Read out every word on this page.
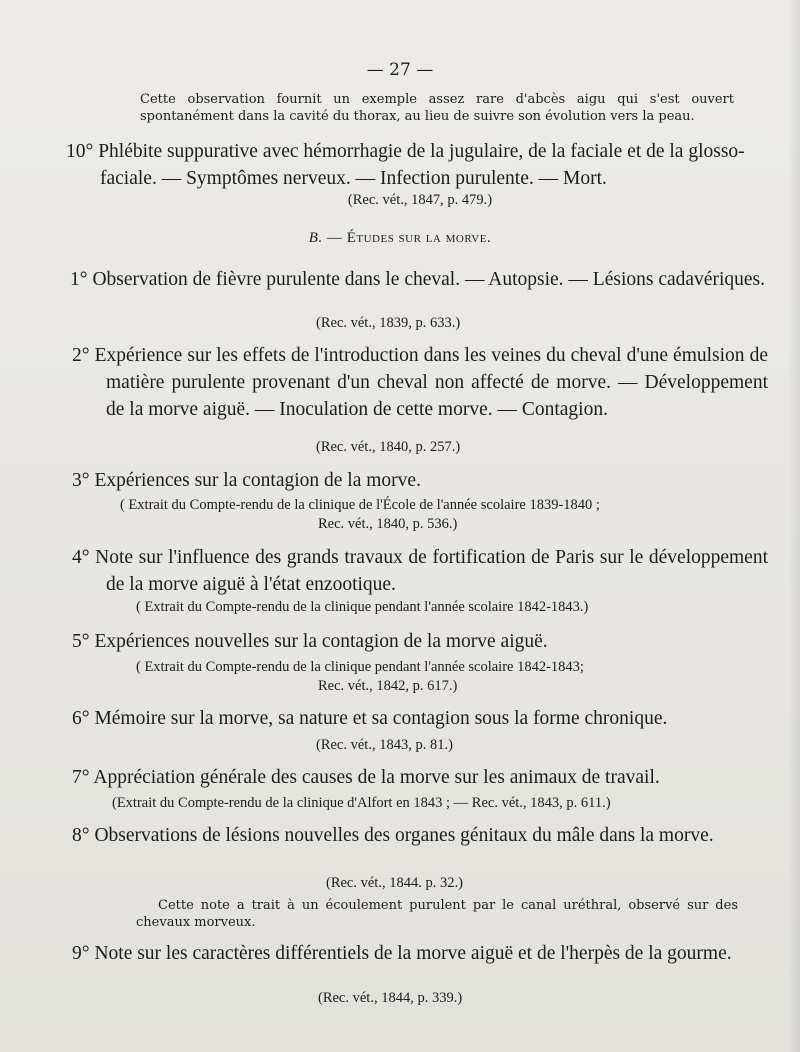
— 27 —
Cette observation fournit un exemple assez rare d'abcès aigu qui s'est ouvert spontanément dans la cavité du thorax, au lieu de suivre son évolution vers la peau.
10° Phlébite suppurative avec hémorrhagie de la jugulaire, de la faciale et de la glosso-faciale. — Symptômes nerveux. — Infection purulente. — Mort.
(Rec. vét., 1847, p. 479.)
B. — Études sur la morve.
1° Observation de fièvre purulente dans le cheval. — Autopsie. — Lésions cadavériques.
(Rec. vét., 1839, p. 633.)
2° Expérience sur les effets de l'introduction dans les veines du cheval d'une émulsion de matière purulente provenant d'un cheval non affecté de morve. — Développement de la morve aiguë. — Inoculation de cette morve. — Contagion.
(Rec. vét., 1840, p. 257.)
3° Expériences sur la contagion de la morve.
( Extrait du Compte-rendu de la clinique de l'École de l'année scolaire 1839-1840 ;
Rec. vét., 1840, p. 536.)
4° Note sur l'influence des grands travaux de fortification de Paris sur le développement de la morve aiguë à l'état enzootique.
( Extrait du Compte-rendu de la clinique pendant l'année scolaire 1842-1843.)
5° Expériences nouvelles sur la contagion de la morve aiguë.
( Extrait du Compte-rendu de la clinique pendant l'année scolaire 1842-1843;
Rec. vét., 1842, p. 617.)
6° Mémoire sur la morve, sa nature et sa contagion sous la forme chronique.
(Rec. vét., 1843, p. 81.)
7° Appréciation générale des causes de la morve sur les animaux de travail.
(Extrait du Compte-rendu de la clinique d'Alfort en 1843 ; — Rec. vét., 1843, p. 611.)
8° Observations de lésions nouvelles des organes génitaux du mâle dans la morve.
(Rec. vét., 1844. p. 32.)
Cette note a trait à un écoulement purulent par le canal uréthral, observé sur des chevaux morveux.
9° Note sur les caractères différentiels de la morve aiguë et de l'herpès de la gourme.
(Rec. vét., 1844, p. 339.)
